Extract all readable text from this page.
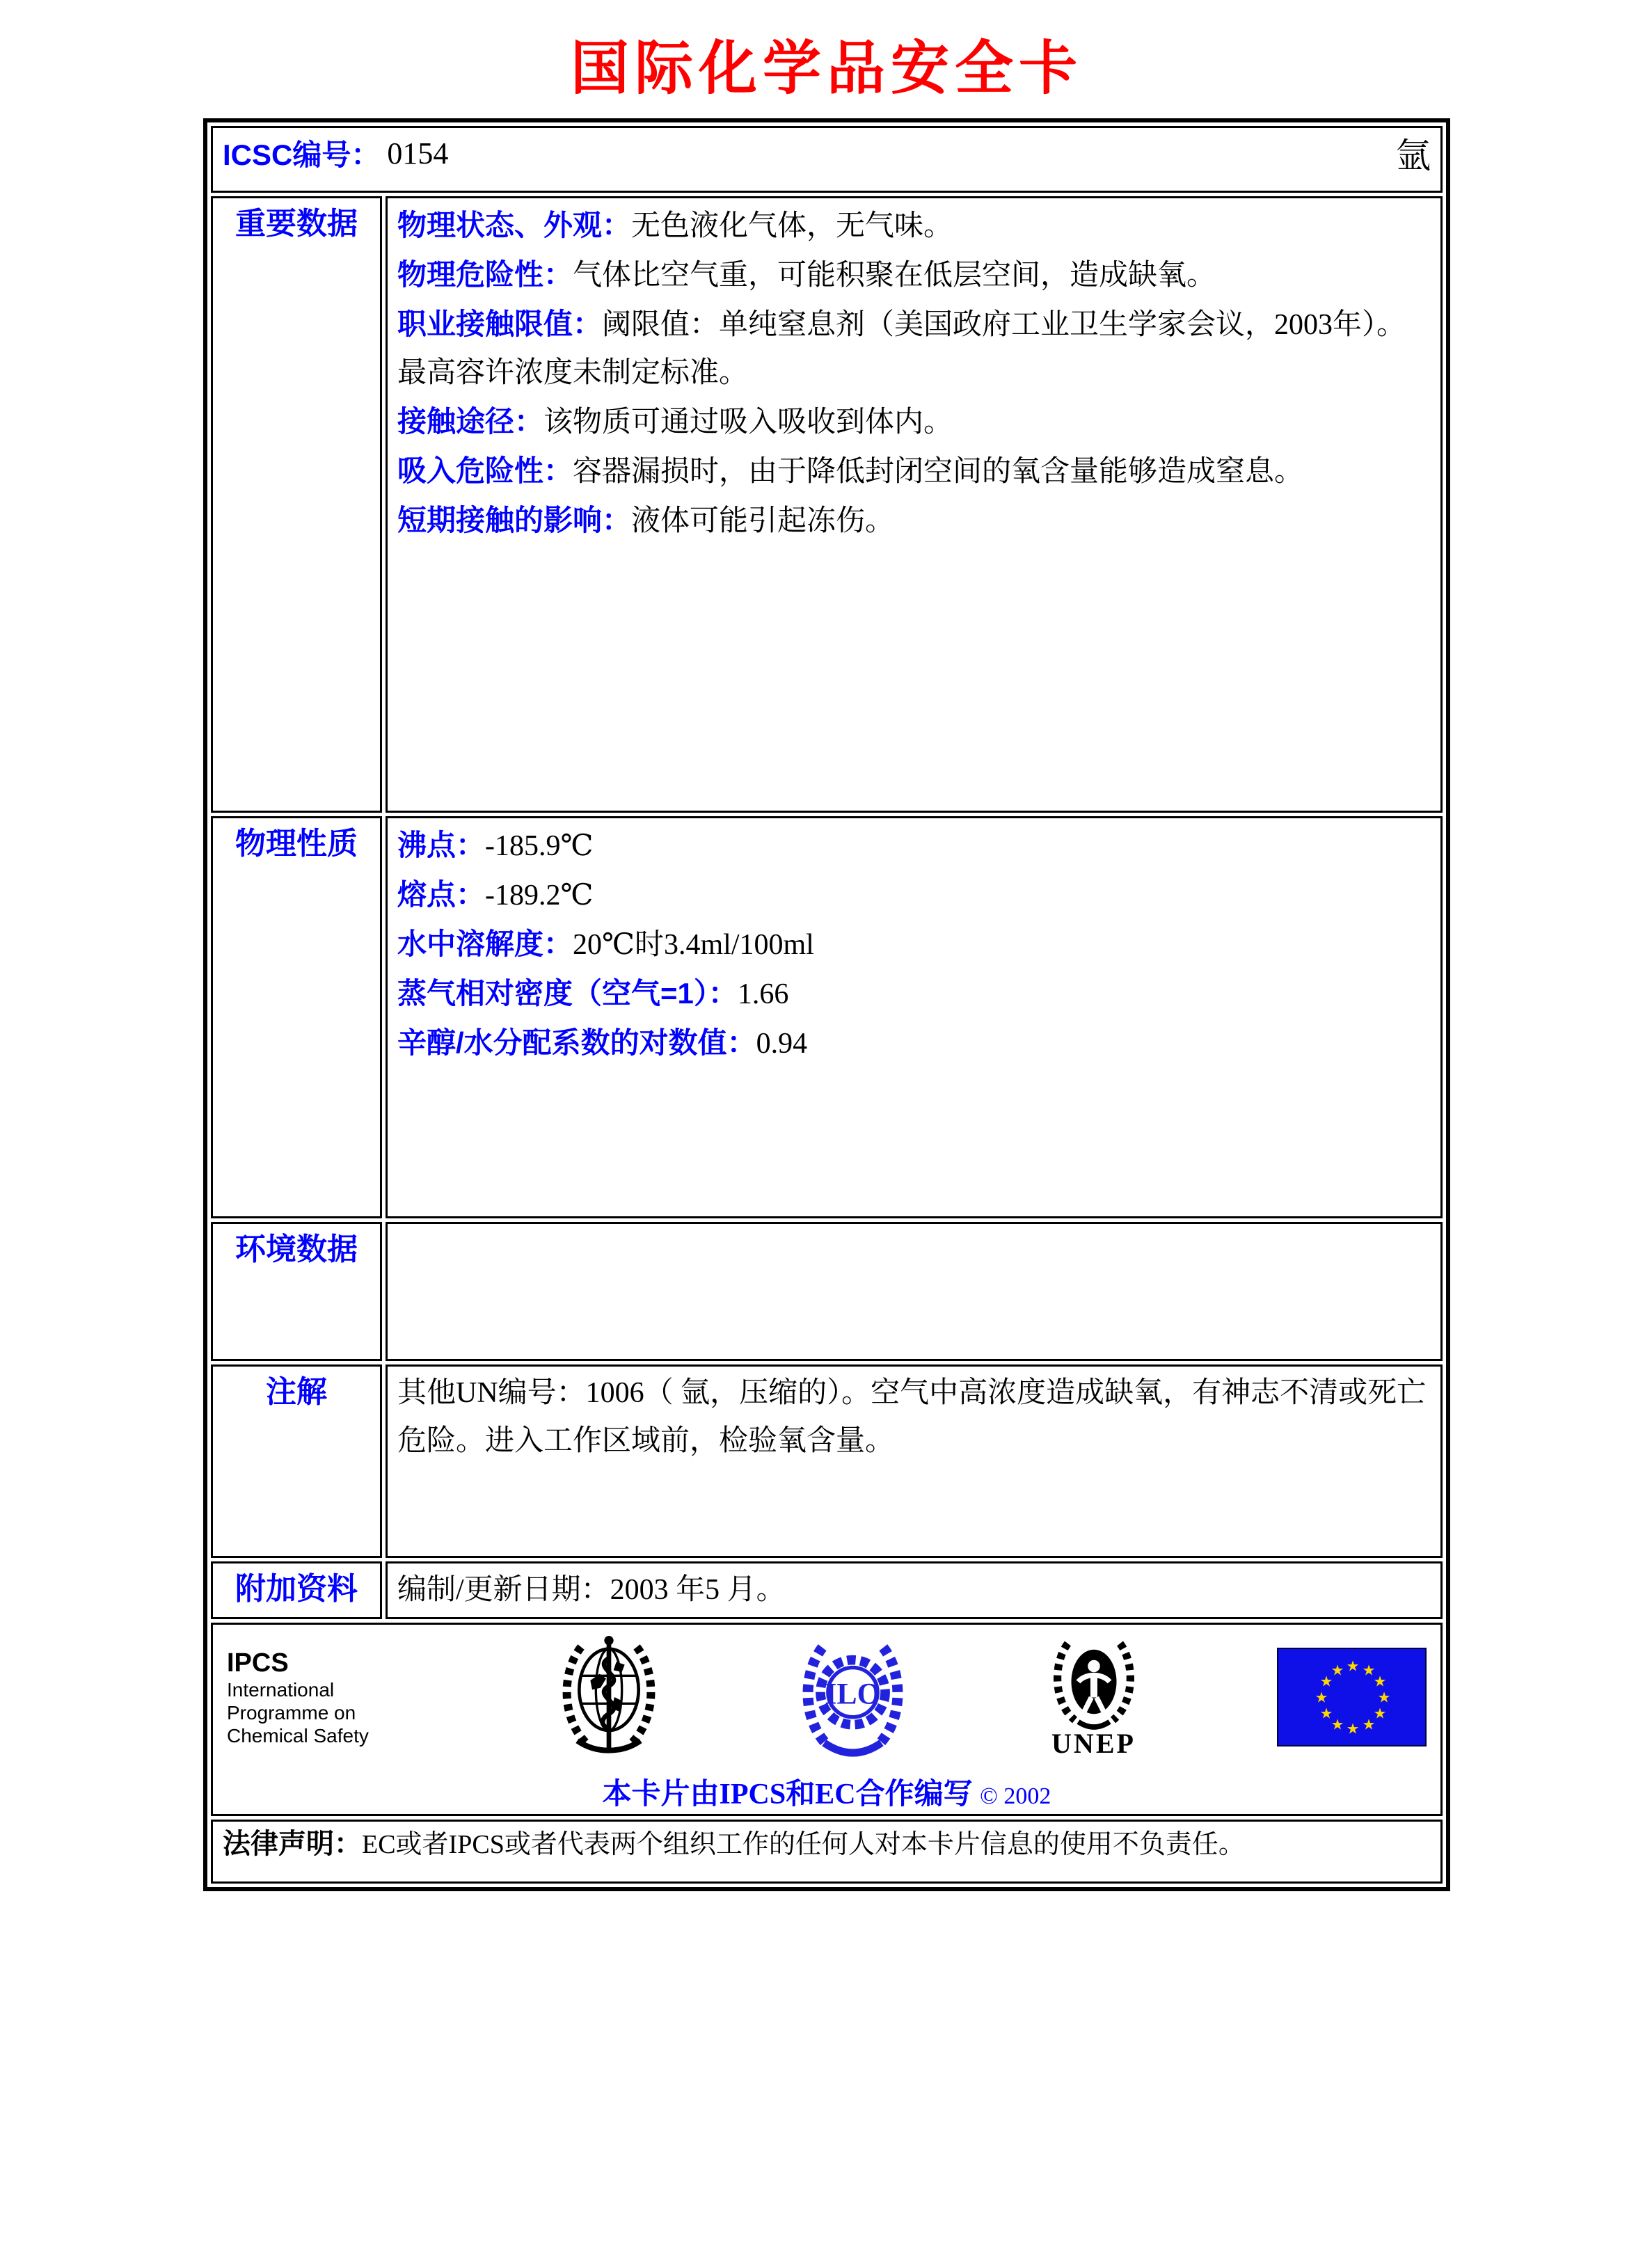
国际化学品安全卡
ICSC编号： 0154 氩	

重要数据	物理状态、外观：无色液化气体，无气味。

物理危险性：气体比空气重，可能积聚在低层空间，造成缺氧。

职业接触限值：阈限值：单纯窒息剂（美国政府工业卫生学家会议，2003年）。最高容许浓度未制定标准。

接触途径：该物质可通过吸入吸收到体内。

吸入危险性：容器漏损时，由于降低封闭空间的氧含量能够造成窒息。

短期接触的影响：液体可能引起冻伤。

物理性质	沸点：-185.9℃

熔点：-189.2℃

水中溶解度：20℃时3.4ml/100ml

蒸气相对密度（空气=1）：1.66

辛醇/水分配系数的对数值：0.94

环境数据	

注解	其他UN编号：1006（ 氩，压缩的）。空气中高浓度造成缺氧，有神志不清或死亡危险。进入工作区域前，检验氧含量。

附加资料	编制/更新日期：2003 年5 月。

IPCS
International
Programme on
Chemical Safety
ILO
UNEP
★ ★
★
★
★
★
★
★
★
★
★
★
本卡片由IPCS和EC合作编写 © 2002

法律声明：EC或者IPCS或者代表两个组织工作的任何人对本卡片信息的使用不负责任。	
